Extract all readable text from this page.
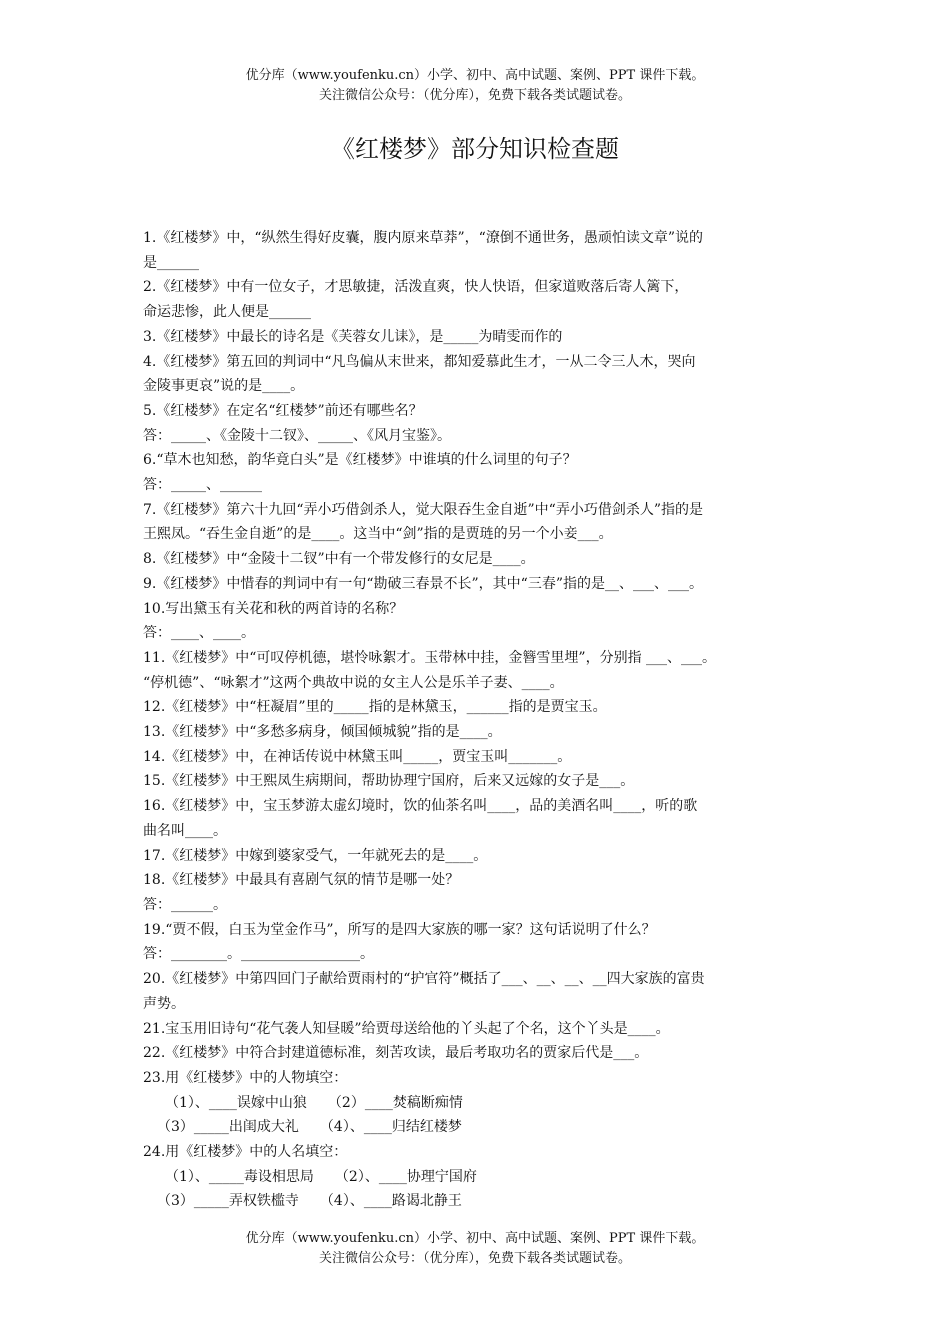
优分库（www.youfenku.cn）小学、初中、高中试题、案例、PPT 课件下载。
关注微信公众号：（优分库），免费下载各类试题试卷。
《红楼梦》部分知识检查题
1.《红楼梦》中，“纵然生得好皮囊，腹内原来草莽”，“潦倒不通世务，愚顽怕读文章”说的
是______
2.《红楼梦》中有一位女子，才思敏捷，活泼直爽，快人快语，但家道败落后寄人篱下，
命运悲惨，此人便是______
3.《红楼梦》中最长的诗名是《芙蓉女儿诔》，是_____为晴雯而作的
4.《红楼梦》第五回的判词中“凡鸟偏从末世来，都知爱慕此生才，一从二令三人木，哭向
金陵事更哀”说的是____。
5.《红楼梦》在定名“红楼梦”前还有哪些名？
答：_____、《金陵十二钗》、_____、《风月宝鉴》。
6.“草木也知愁，韵华竟白头”是《红楼梦》中谁填的什么词里的句子？
答：_____、______
7.《红楼梦》第六十九回“弄小巧借剑杀人，觉大限吞生金自逝”中“弄小巧借剑杀人”指的是
王熙凤。“吞生金自逝”的是____。这当中“剑”指的是贾琏的另一个小妾___。
8.《红楼梦》中“金陵十二钗”中有一个带发修行的女尼是____。
9.《红楼梦》中惜春的判词中有一句“勘破三春景不长”，其中“三春”指的是__、___、___。
10.写出黛玉有关花和秋的两首诗的名称？
答：____、____。
11.《红楼梦》中“可叹停机德，堪怜咏絮才。玉带林中挂，金簪雪里埋”，分别指 ___、___。
“停机德”、“咏絮才”这两个典故中说的女主人公是乐羊子妻、____。
12.《红楼梦》中“枉凝眉”里的_____指的是林黛玉，______指的是贾宝玉。
13.《红楼梦》中“多愁多病身，倾国倾城貌”指的是____。
14.《红楼梦》中，在神话传说中林黛玉叫_____，贾宝玉叫_______。
15.《红楼梦》中王熙凤生病期间，帮助协理宁国府，后来又远嫁的女子是___。
16.《红楼梦》中，宝玉梦游太虚幻境时，饮的仙茶名叫____，品的美酒名叫____，听的歌
曲名叫____。
17.《红楼梦》中嫁到婆家受气，一年就死去的是____。
18.《红楼梦》中最具有喜剧气氛的情节是哪一处？
答：______。
19.“贾不假，白玉为堂金作马”，所写的是四大家族的哪一家？这句话说明了什么？
答：________。_________________。
20.《红楼梦》中第四回门子献给贾雨村的“护官符”概括了___、__、__、__四大家族的富贵
声势。
21.宝玉用旧诗句“花气袭人知昼暖”给贾母送给他的丫头起了个名，这个丫头是____。
22.《红楼梦》中符合封建道德标准，刻苦攻读，最后考取功名的贾家后代是___。
23.用《红楼梦》中的人物填空：
（1）、____误嫁中山狼　　（2）____焚稿断痴情
（3）_____出闺成大礼　　（4）、____归结红楼梦
24.用《红楼梦》中的人名填空：
（1）、_____毒设相思局　　（2）、____协理宁国府
（3）_____弄权铁槛寺　　（4）、____路谒北静王
优分库（www.youfenku.cn）小学、初中、高中试题、案例、PPT 课件下载。
关注微信公众号：（优分库），免费下载各类试题试卷。
